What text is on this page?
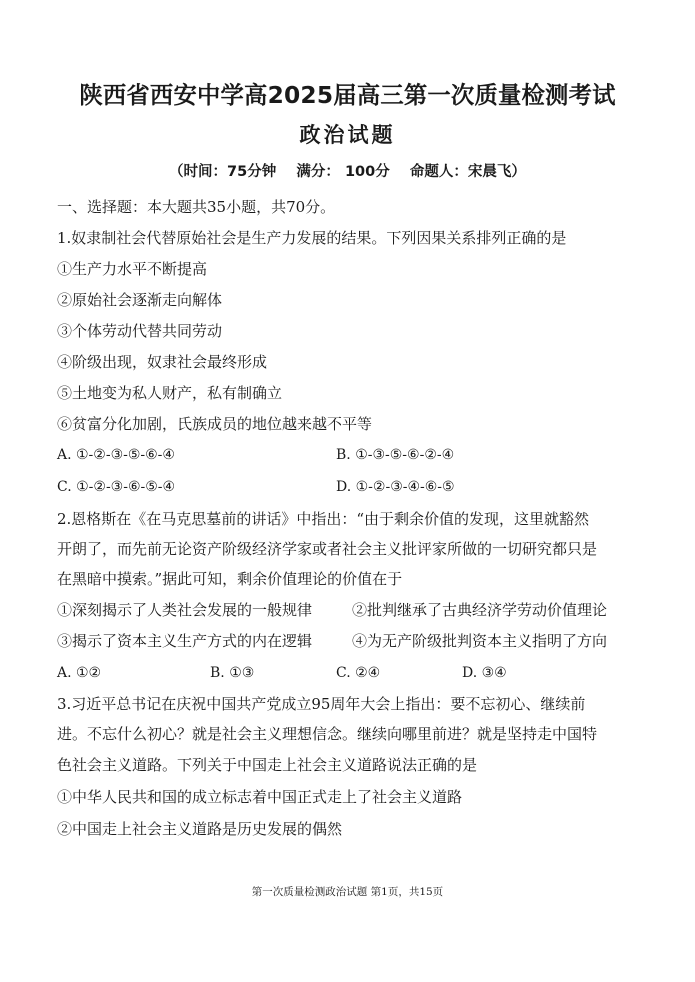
陕西省西安中学高2025届高三第一次质量检测考试
政治试题
（时间：75分钟    满分： 100分    命题人：宋晨飞）
一、选择题：本大题共35小题，共70分。
1.奴隶制社会代替原始社会是生产力发展的结果。下列因果关系排列正确的是
①生产力水平不断提高
②原始社会逐渐走向解体
③个体劳动代替共同劳动
④阶级出现，奴隶社会最终形成
⑤土地变为私人财产，私有制确立
⑥贫富分化加剧，氏族成员的地位越来越不平等
A. ①-②-③-⑤-⑥-④	B. ①-③-⑤-⑥-②-④
C. ①-②-③-⑥-⑤-④	D. ①-②-③-④-⑥-⑤
2.恩格斯在《在马克思墓前的讲话》中指出：“由于剩余价值的发现，这里就豁然
开朗了，而先前无论资产阶级经济学家或者社会主义批评家所做的一切研究都只是
在黑暗中摸索。”据此可知，剩余价值理论的价值在于
①深刻揭示了人类社会发展的一般规律	②批判继承了古典经济学劳动价值理论
③揭示了资本主义生产方式的内在逻辑	④为无产阶级批判资本主义指明了方向
A. ①②	B. ①③	C. ②④	D. ③④
3.习近平总书记在庆祝中国共产党成立95周年大会上指出：要不忘初心、继续前
进。不忘什么初心？就是社会主义理想信念。继续向哪里前进？就是坚持走中国特
色社会主义道路。下列关于中国走上社会主义道路说法正确的是
①中华人民共和国的成立标志着中国正式走上了社会主义道路
②中国走上社会主义道路是历史发展的偶然
第一次质量检测政治试题 第1页，共15页
